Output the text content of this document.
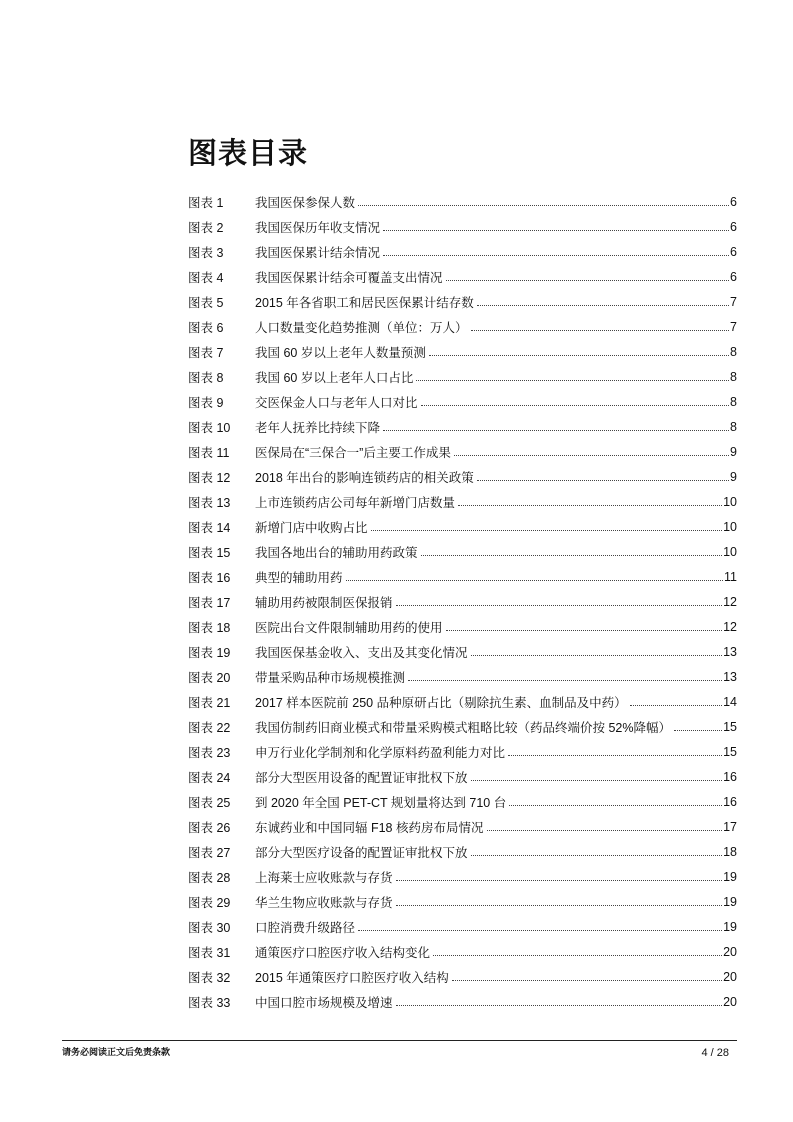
图表目录
图表 1	我国医保参保人数	6
图表 2	我国医保历年收支情况	6
图表 3	我国医保累计结余情况	6
图表 4	我国医保累计结余可覆盖支出情况	6
图表 5	2015 年各省职工和居民医保累计结存数	7
图表 6	人口数量变化趋势推测（单位：万人）	7
图表 7	我国 60 岁以上老年人数量预测	8
图表 8	我国 60 岁以上老年人口占比	8
图表 9	交医保金人口与老年人口对比	8
图表 10	老年人抚养比持续下降	8
图表 11	医保局在“三保合一”后主要工作成果	9
图表 12	2018 年出台的影响连锁药店的相关政策	9
图表 13	上市连锁药店公司每年新增门店数量	10
图表 14	新增门店中收购占比	10
图表 15	我国各地出台的辅助用药政策	10
图表 16	典型的辅助用药	11
图表 17	辅助用药被限制医保报销	12
图表 18	医院出台文件限制辅助用药的使用	12
图表 19	我国医保基金收入、支出及其变化情况	13
图表 20	带量采购品种市场规模推测	13
图表 21	2017 样本医院前 250 品种原研占比（剔除抗生素、血制品及中药）	14
图表 22	我国仿制药旧商业模式和带量采购模式粗略比较（药品终端价按 52%降幅）	15
图表 23	申万行业化学制剂和化学原料药盈利能力对比	15
图表 24	部分大型医用设备的配置证审批权下放	16
图表 25	到 2020 年全国 PET-CT 规划量将达到 710 台	16
图表 26	东诚药业和中国同辐 F18 核药房布局情况	17
图表 27	部分大型医疗设备的配置证审批权下放	18
图表 28	上海莱士应收账款与存货	19
图表 29	华兰生物应收账款与存货	19
图表 30	口腔消费升级路径	19
图表 31	通策医疗口腔医疗收入结构变化	20
图表 32	2015 年通策医疗口腔医疗收入结构	20
图表 33	中国口腔市场规模及增速	20
请务必阅读正文后免责条款	4 / 28
